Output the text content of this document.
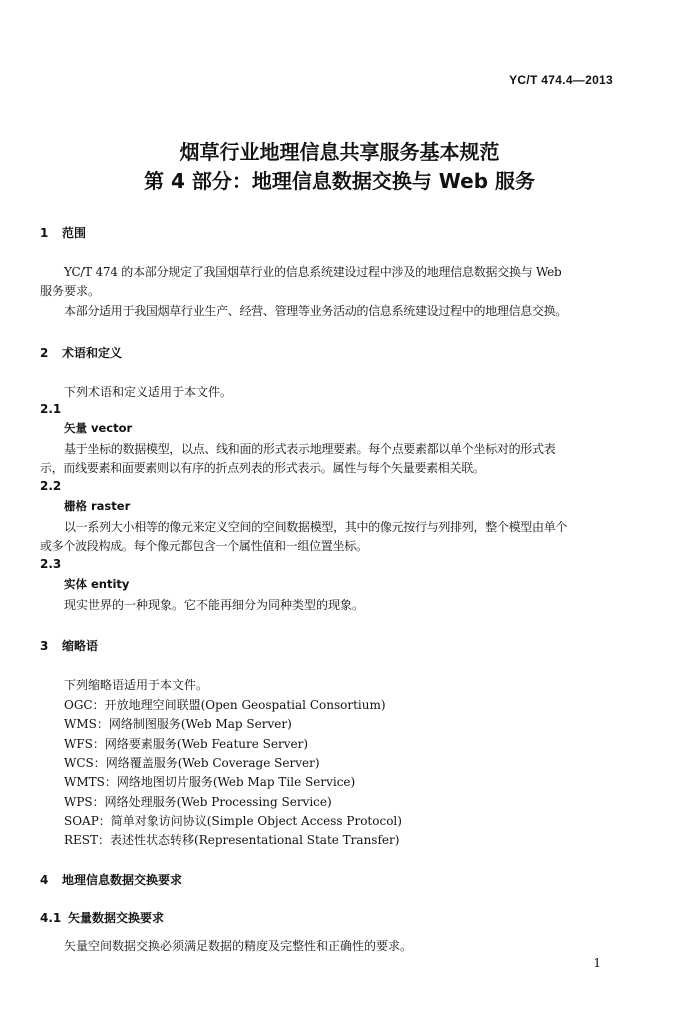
YC/T 474.4—2013
烟草行业地理信息共享服务基本规范
第 4 部分：地理信息数据交换与 Web 服务
1 范围
YC/T 474 的本部分规定了我国烟草行业的信息系统建设过程中涉及的地理信息数据交换与 Web
服务要求。
本部分适用于我国烟草行业生产、经营、管理等业务活动的信息系统建设过程中的地理信息交换。
2 术语和定义
下列术语和定义适用于本文件。
2.1
矢量 vector
基于坐标的数据模型，以点、线和面的形式表示地理要素。每个点要素都以单个坐标对的形式表
示，而线要素和面要素则以有序的折点列表的形式表示。属性与每个矢量要素相关联。
2.2
栅格 raster
以一系列大小相等的像元来定义空间的空间数据模型，其中的像元按行与列排列，整个模型由单个
或多个波段构成。每个像元都包含一个属性值和一组位置坐标。
2.3
实体 entity
现实世界的一种现象。它不能再细分为同种类型的现象。
3 缩略语
下列缩略语适用于本文件。
OGC：开放地理空间联盟(Open Geospatial Consortium)
WMS：网络制图服务(Web Map Server)
WFS：网络要素服务(Web Feature Server)
WCS：网络覆盖服务(Web Coverage Server)
WMTS：网络地图切片服务(Web Map Tile Service)
WPS：网络处理服务(Web Processing Service)
SOAP：简单对象访问协议(Simple Object Access Protocol)
REST：表述性状态转移(Representational State Transfer)
4 地理信息数据交换要求
4.1 矢量数据交换要求
矢量空间数据交换必须满足数据的精度及完整性和正确性的要求。
1
